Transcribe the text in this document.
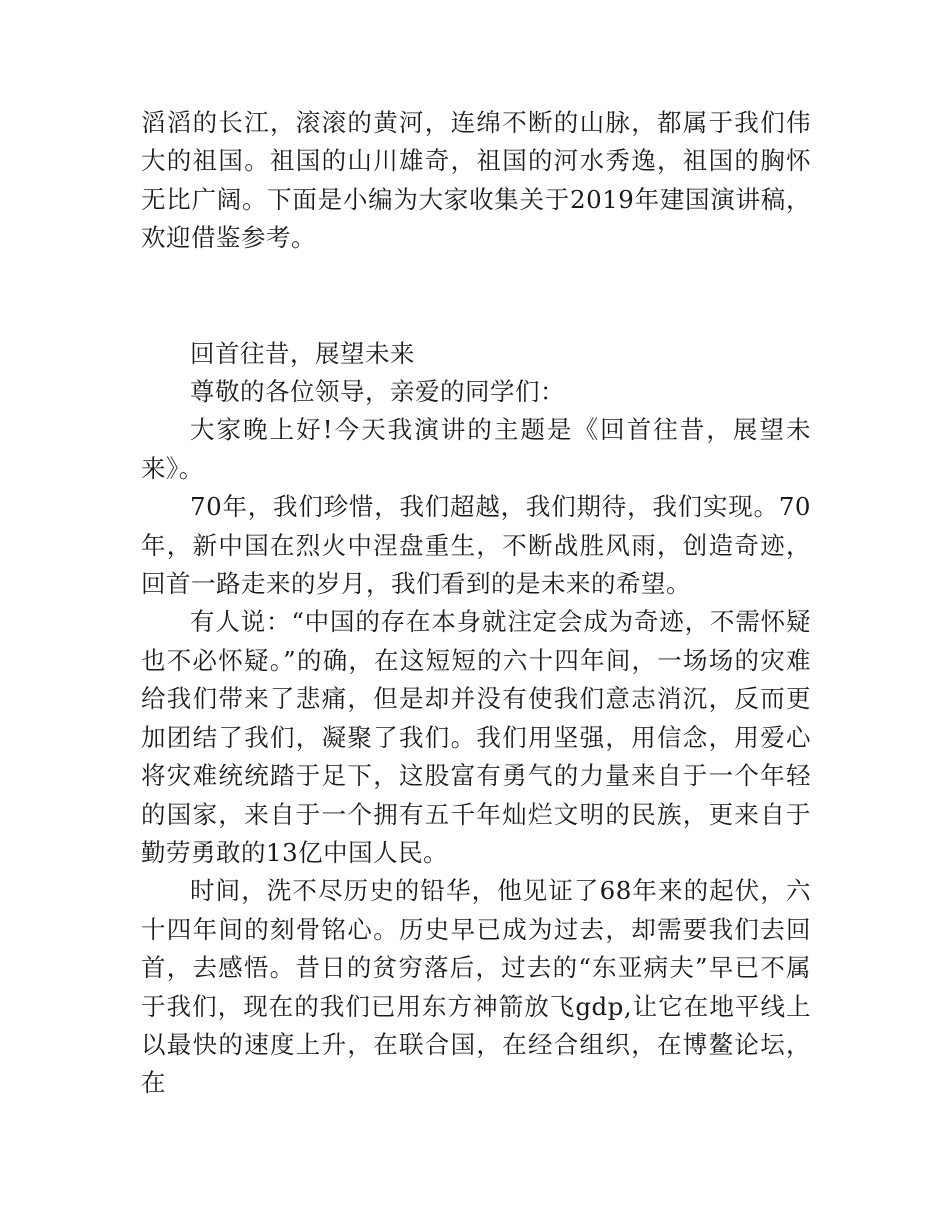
滔滔的长江，滚滚的黄河，连绵不断的山脉，都属于我们伟大的祖国。祖国的山川雄奇，祖国的河水秀逸，祖国的胸怀无比广阔。下面是小编为大家收集关于2019年建国演讲稿，欢迎借鉴参考。

回首往昔，展望未来

尊敬的各位领导，亲爱的同学们：

大家晚上好!今天我演讲的主题是《回首往昔，展望未来》。

70年，我们珍惜，我们超越，我们期待，我们实现。70年，新中国在烈火中涅盘重生，不断战胜风雨，创造奇迹，回首一路走来的岁月，我们看到的是未来的希望。

有人说：“中国的存在本身就注定会成为奇迹，不需怀疑也不必怀疑。”的确，在这短短的六十四年间，一场场的灾难给我们带来了悲痛，但是却并没有使我们意志消沉，反而更加团结了我们，凝聚了我们。我们用坚强，用信念，用爱心将灾难统统踏于足下，这股富有勇气的力量来自于一个年轻的国家，来自于一个拥有五千年灿烂文明的民族，更来自于勤劳勇敢的13亿中国人民。

时间，洗不尽历史的铅华，他见证了68年来的起伏，六十四年间的刻骨铭心。历史早已成为过去，却需要我们去回首，去感悟。昔日的贫穷落后，过去的“东亚病夫”早已不属于我们，现在的我们已用东方神箭放飞gdp,让它在地平线上以最快的速度上升，在联合国，在经合组织，在博鳌论坛，在
